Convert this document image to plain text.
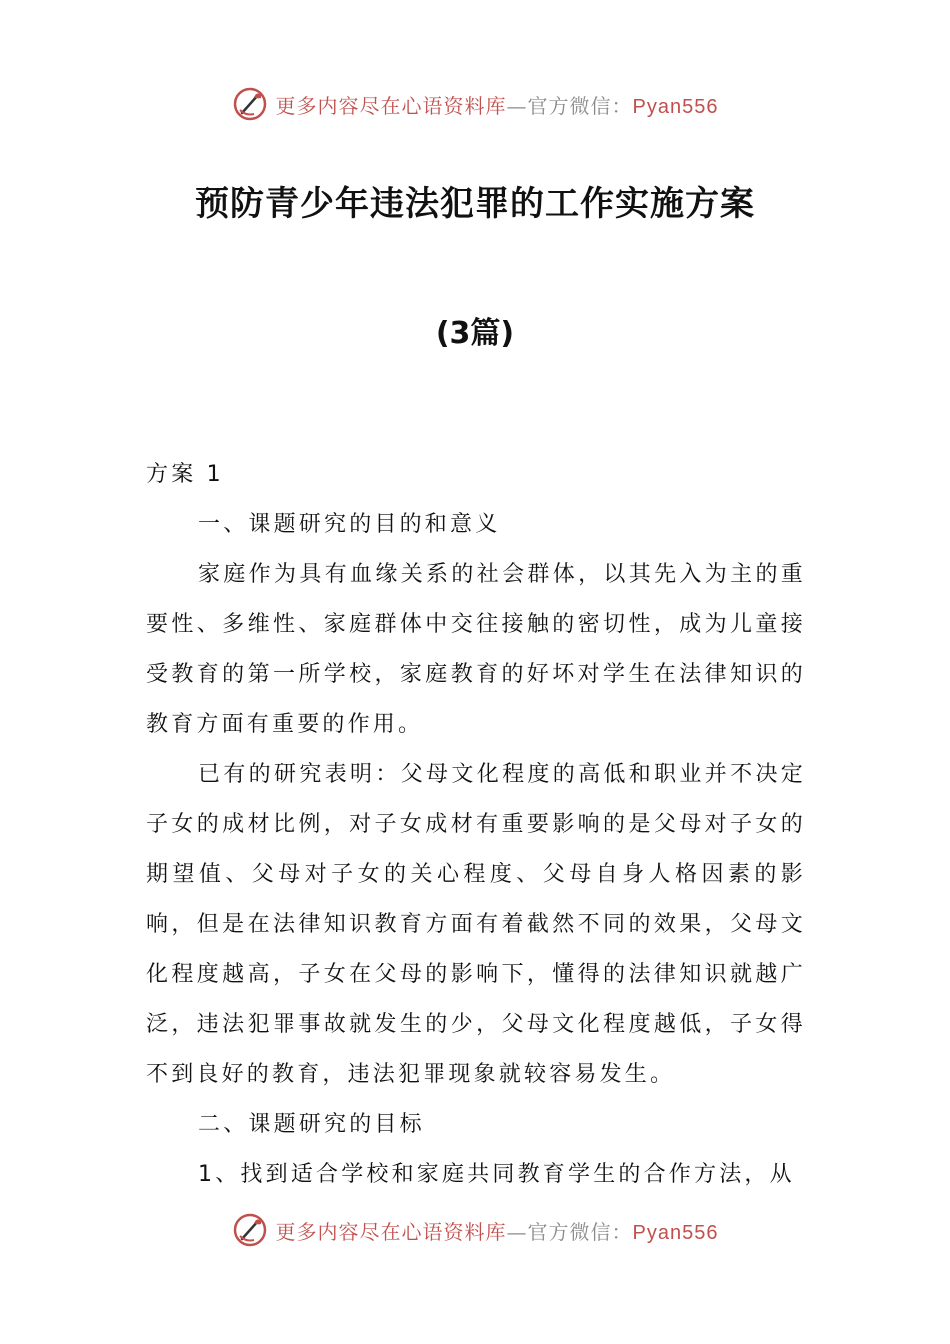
更多内容尽在心语资料库—官方微信：Pyan556
预防青少年违法犯罪的工作实施方案
(3篇)

方案 1

一、课题研究的目的和意义

家庭作为具有血缘关系的社会群体，以其先入为主的重要性、多维性、家庭群体中交往接触的密切性，成为儿童接受教育的第一所学校，家庭教育的好坏对学生在法律知识的教育方面有重要的作用。

已有的研究表明：父母文化程度的高低和职业并不决定子女的成材比例，对子女成材有重要影响的是父母对子女的期望值、父母对子女的关心程度、父母自身人格因素的影响，但是在法律知识教育方面有着截然不同的效果，父母文化程度越高，子女在父母的影响下，懂得的法律知识就越广泛，违法犯罪事故就发生的少，父母文化程度越低，子女得不到良好的教育，违法犯罪现象就较容易发生。

二、课题研究的目标

1、找到适合学校和家庭共同教育学生的合作方法，从

更多内容尽在心语资料库—官方微信：Pyan556
